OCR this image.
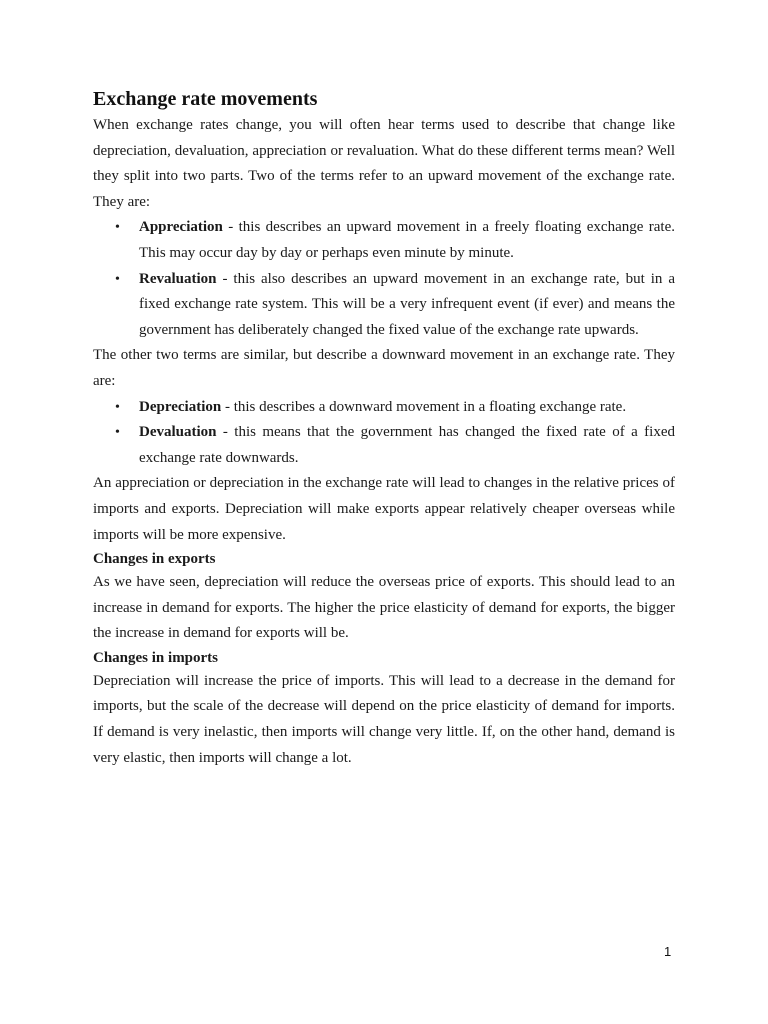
Exchange rate movements

When exchange rates change, you will often hear terms used to describe that change like depreciation, devaluation, appreciation or revaluation. What do these different terms mean? Well they split into two parts. Two of the terms refer to an upward movement of the exchange rate. They are:

• Appreciation - this describes an upward movement in a freely floating exchange rate. This may occur day by day or perhaps even minute by minute.
• Revaluation - this also describes an upward movement in an exchange rate, but in a fixed exchange rate system. This will be a very infrequent event (if ever) and means the government has deliberately changed the fixed value of the exchange rate upwards.

The other two terms are similar, but describe a downward movement in an exchange rate. They are:

• Depreciation - this describes a downward movement in a floating exchange rate.
• Devaluation - this means that the government has changed the fixed rate of a fixed exchange rate downwards.

An appreciation or depreciation in the exchange rate will lead to changes in the relative prices of imports and exports. Depreciation will make exports appear relatively cheaper overseas while imports will be more expensive.

Changes in exports

As we have seen, depreciation will reduce the overseas price of exports. This should lead to an increase in demand for exports. The higher the price elasticity of demand for exports, the bigger the increase in demand for exports will be.

Changes in imports

Depreciation will increase the price of imports. This will lead to a decrease in the demand for imports, but the scale of the decrease will depend on the price elasticity of demand for imports. If demand is very inelastic, then imports will change very little. If, on the other hand, demand is very elastic, then imports will change a lot.

1
